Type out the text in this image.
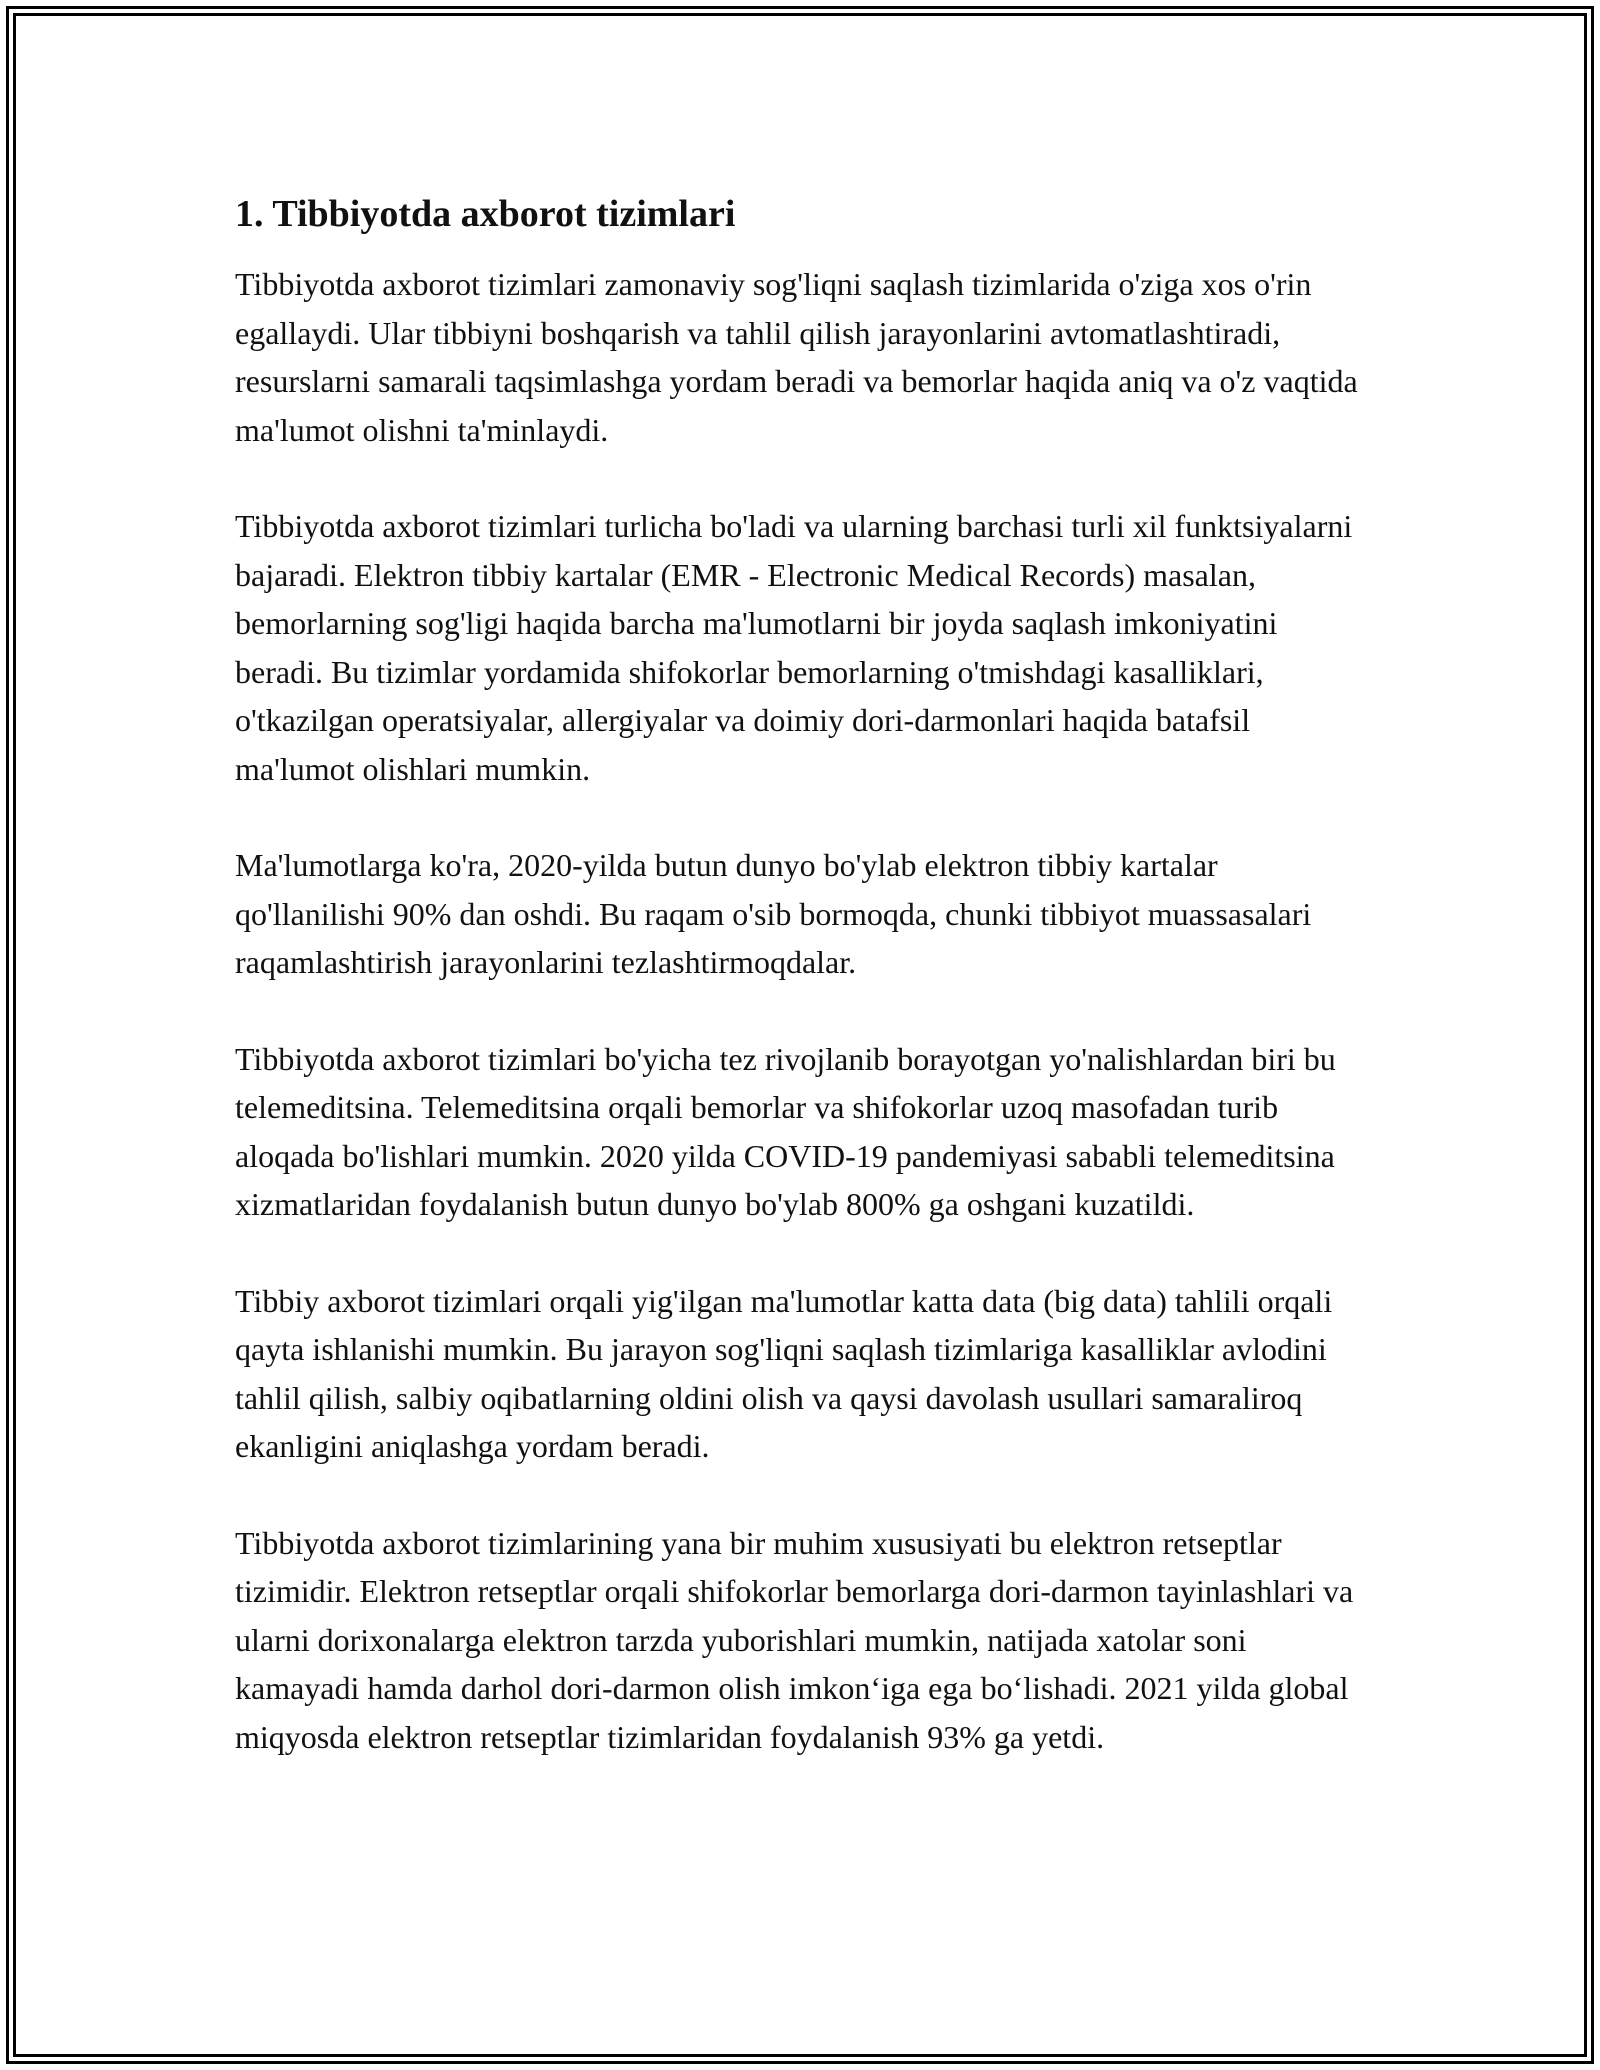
1. Tibbiyotda axborot tizimlari

Tibbiyotda axborot tizimlari zamonaviy sog'liqni saqlash tizimlarida o'ziga xos o'rin egallaydi. Ular tibbiyni boshqarish va tahlil qilish jarayonlarini avtomatlashtiradi, resurslarni samarali taqsimlashga yordam beradi va bemorlar haqida aniq va o'z vaqtida ma'lumot olishni ta'minlaydi.

Tibbiyotda axborot tizimlari turlicha bo'ladi va ularning barchasi turli xil funktsiyalarni bajaradi. Elektron tibbiy kartalar (EMR - Electronic Medical Records) masalan, bemorlarning sog'ligi haqida barcha ma'lumotlarni bir joyda saqlash imkoniyatini beradi. Bu tizimlar yordamida shifokorlar bemorlarning o'tmishdagi kasalliklari, o'tkazilgan operatsiyalar, allergiyalar va doimiy dori-darmonlari haqida batafsil ma'lumot olishlari mumkin.

Ma'lumotlarga ko'ra, 2020-yilda butun dunyo bo'ylab elektron tibbiy kartalar qo'llanilishi 90% dan oshdi. Bu raqam o'sib bormoqda, chunki tibbiyot muassasalari raqamlashtirish jarayonlarini tezlashtirmoqdalar.

Tibbiyotda axborot tizimlari bo'yicha tez rivojlanib borayotgan yo'nalishlardan biri bu telemeditsina. Telemeditsina orqali bemorlar va shifokorlar uzoq masofadan turib aloqada bo'lishlari mumkin. 2020 yilda COVID-19 pandemiyasi sababli telemeditsina xizmatlaridan foydalanish butun dunyo bo'ylab 800% ga oshgani kuzatildi.

Tibbiy axborot tizimlari orqali yig'ilgan ma'lumotlar katta data (big data) tahlili orqali qayta ishlanishi mumkin. Bu jarayon sog'liqni saqlash tizimlariga kasalliklar avlodini tahlil qilish, salbiy oqibatlarning oldini olish va qaysi davolash usullari samaraliroq ekanligini aniqlashga yordam beradi.

Tibbiyotda axborot tizimlarining yana bir muhim xususiyati bu elektron retseptlar tizimidir. Elektron retseptlar orqali shifokorlar bemorlarga dori-darmon tayinlashlari va ularni dorixonalarga elektron tarzda yuborishlari mumkin, natijada xatolar soni kamayadi hamda darhol dori-darmon olish imkon‘iga ega bo‘lishadi. 2021 yilda global miqyosda elektron retseptlar tizimlaridan foydalanish 93% ga yetdi.
